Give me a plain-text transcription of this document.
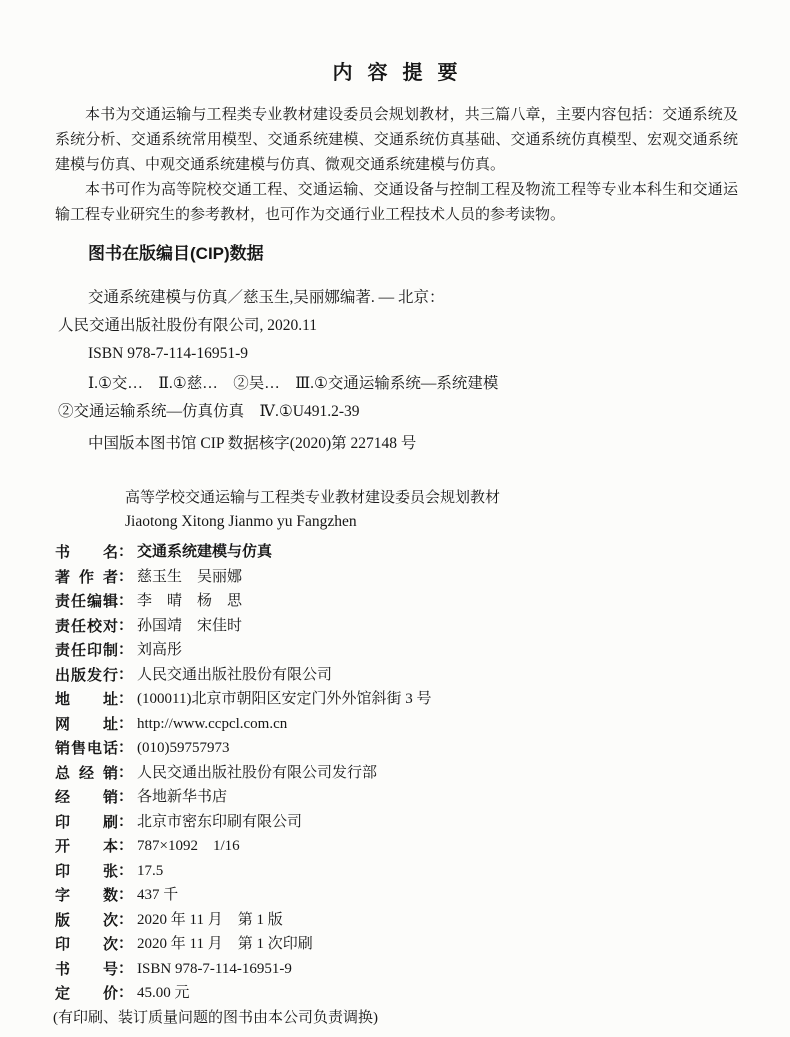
内容提要

本书为交通运输与工程类专业教材建设委员会规划教材，共三篇八章，主要内容包括：交通系统及系统分析、交通系统常用模型、交通系统建模、交通系统仿真基础、交通系统仿真模型、宏观交通系统建模与仿真、中观交通系统建模与仿真、微观交通系统建模与仿真。

本书可作为高等院校交通工程、交通运输、交通设备与控制工程及物流工程等专业本科生和交通运输工程专业研究生的参考教材，也可作为交通行业工程技术人员的参考读物。

图书在版编目(CIP)数据
交通系统建模与仿真／慈玉生,吴丽娜编著. — 北京：
人民交通出版社股份有限公司, 2020.11
ISBN 978-7-114-16951-9
Ⅰ.①交…　Ⅱ.①慈…　②吴…　Ⅲ.①交通运输系统—系统建模
②交通运输系统—仿真仿真　Ⅳ.①U491.2-39
中国版本图书馆 CIP 数据核字(2020)第 227148 号
高等学校交通运输与工程类专业教材建设委员会规划教材
Jiaotong Xitong Jianmo yu Fangzhen
书名： 交通系统建模与仿真
著作者： 慈玉生　吴丽娜
责任编辑： 李　晴　杨　思
责任校对： 孙国靖　宋佳时
责任印制： 刘高彤
出版发行： 人民交通出版社股份有限公司
地址： (100011)北京市朝阳区安定门外外馆斜街 3 号
网址： http://www.ccpcl.com.cn
销售电话： (010)59757973
总经销： 人民交通出版社股份有限公司发行部
经销： 各地新华书店
印刷： 北京市密东印刷有限公司
开本： 787×1092　1/16
印张： 17.5
字数： 437 千
版次： 2020 年 11 月　第 1 版
印次： 2020 年 11 月　第 1 次印刷
书号： ISBN 978-7-114-16951-9
定价： 45.00 元

(有印刷、装订质量问题的图书由本公司负责调换)
